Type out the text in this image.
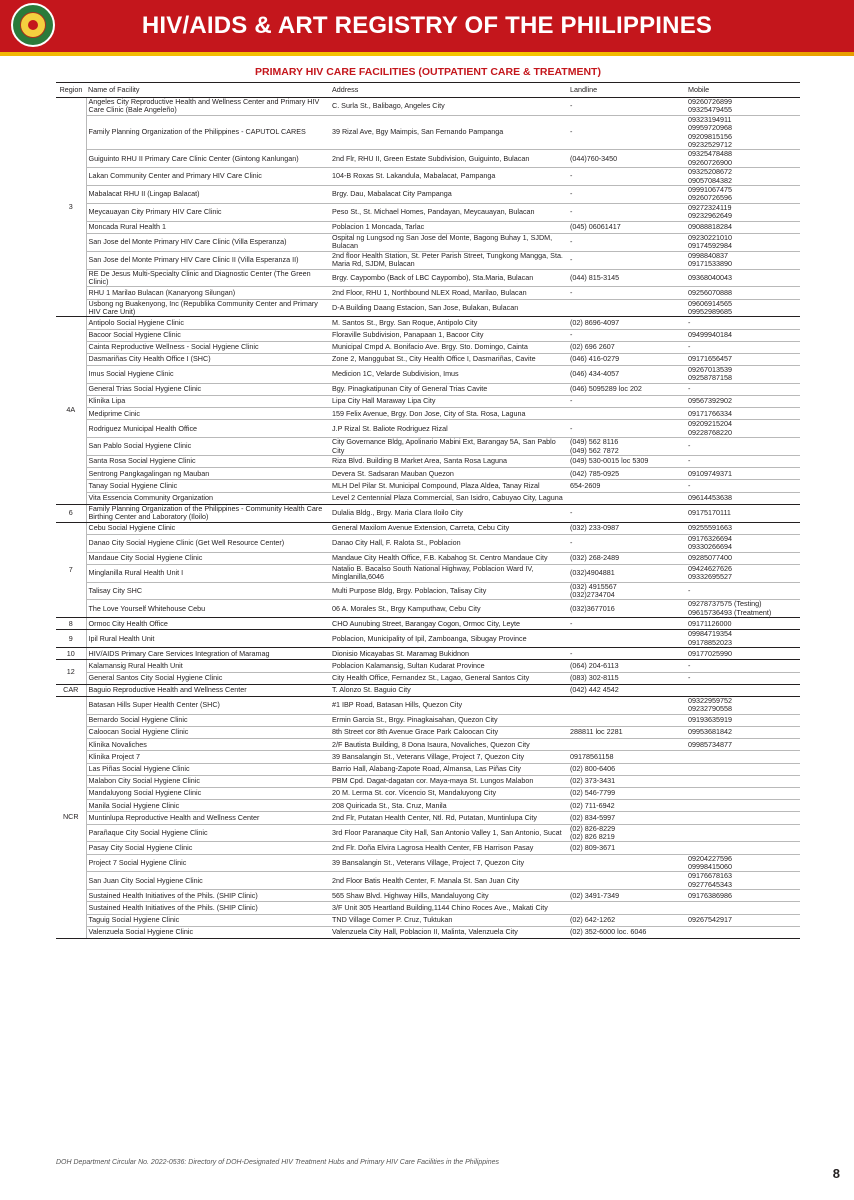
HIV/AIDS & ART REGISTRY OF THE PHILIPPINES
PRIMARY HIV CARE FACILITIES (OUTPATIENT CARE & TREATMENT)
Region	Name of Facility	Address	Landline	Mobile
3	Angeles City Reproductive Health and Wellness Center and Primary HIV Care Clinic (Bale Angeleño)	C. Surla St., Balibago, Angeles City	-	09260726899
09325479455

	Family Planning Organization of the Philippines - CAPUTOL CARES	39 Rizal Ave, Bgy Maimpis, San Fernando Pampanga	-	09323194911
09959720968
09209815156
09232529712

	Guiguinto RHU II Primary Care Clinic Center (Gintong Kanlungan)	2nd Flr, RHU II, Green Estate Subdivision, Guiguinto, Bulacan	(044)760-3450	09325478488
09260726900

	Lakan Community Center and Primary HIV Care Clinic	104-B Roxas St. Lakandula, Mabalacat, Pampanga	-	09325208672
09057084382

	Mabalacat RHU II (Lingap Balacat)	Brgy. Dau, Mabalacat City Pampanga	-	09991067475
09260726596

	Meycauayan City Primary HIV Care Clinic	Peso St., St. Michael Homes, Pandayan, Meycauayan, Bulacan	-	09272324119
09232962649

	Moncada Rural Health 1	Poblacion 1 Moncada, Tarlac	(045) 06061417	09088818284

	San Jose del Monte Primary HIV Care Clinic (Villa Esperanza)	Ospital ng Lungsod ng San Jose del Monte, Bagong Buhay 1, SJDM, Bulacan	-	09230221010
09174592984

	San Jose del Monte Primary HIV Care Clinic II (Villa Esperanza II)	2nd floor Health Station, St. Peter Parish Street, Tungkong Mangga, Sta. Maria Rd, SJDM, Bulacan	-	0998840837
09171533890

	RE De Jesus Multi-Specialty Clinic and Diagnostic Center (The Green Clinic)	Brgy. Caypombo (Back of LBC Caypombo), Sta.Maria, Bulacan	(044) 815-3145	09368040043

	RHU 1 Marilao Bulacan (Kanaryong Silungan)	2nd Floor, RHU 1, Northbound NLEX Road, Marilao, Bulacan	-	09256070888

	Usbong ng Buakenyong, Inc (Republika Community Center and Primary HIV Care Unit)	D-A Building Daang Estacion, San Jose, Bulakan, Bulacan		09606914565
09952989685

4A	Antipolo Social Hygiene Clinic	M. Santos St., Brgy. San Roque, Antipolo City	(02) 8696-4097	-

	Bacoor Social Hygiene Clinic	Floraville Subdivision, Panapaan 1, Bacoor City	-	09499940184

	Cainta Reproductive Wellness - Social Hygiene Clinic	Municipal Cmpd A. Bonifacio Ave. Brgy. Sto. Domingo, Cainta	(02) 696 2607	-

	Dasmariñas City Health Office I (SHC)	Zone 2, Manggubat St., City Health Office I, Dasmariñas, Cavite	(046) 416-0279	09171656457

	Imus Social Hygiene Clinic	Medicion 1C, Velarde Subdivision, Imus	(046) 434-4057	09267013539
09258787158

	General Trias Social Hygiene Clinic	Bgy. Pinagkatipunan City of General Trias Cavite	(046) 5095289 loc 202	-

	Klinika Lipa	Lipa City Hall Maraway Lipa City	-	09567392902

	Mediprime Cinic	159 Felix Avenue, Brgy. Don Jose, City of Sta. Rosa, Laguna		09171766334

	Rodriguez Municipal Health Office	J.P Rizal St. Baliote Rodriguez Rizal	-	09209215204
09228768220

	San Pablo Social Hygiene Clinic	City Governance Bldg, Apolinario Mabini Ext, Barangay 5A, San Pablo City	(049) 562 8116
(049) 562 7872	-

	Santa Rosa Social Hygiene Clinic	Riza Blvd. Building B Market Area, Santa Rosa Laguna	(049) 530-0015 loc 5309	-

	Sentrong Pangkagalingan ng Mauban	Devera St. Sadsaran Mauban Quezon	(042) 785-0925	09109749371

	Tanay Social Hygiene Clinic	MLH Del Pilar St. Municipal Compound, Plaza Aldea, Tanay Rizal	654-2609	-

	Vita Essencia Community Organization	Level 2 Centennial Plaza Commercial, San Isidro, Cabuyao City, Laguna		09614453638

6	Family Planning Organization of the Philippines - Community Health Care Birthing Center and Laboratory (Iloilo)	Dulalia Bldg., Brgy. Maria Clara Iloilo City	-	09175170111

7	Cebu Social Hygiene Clinic	General Maxilom Avenue Extension, Carreta, Cebu City	(032) 233-0987	09255591663

	Danao City Social Hygiene Clinic (Get Well Resource Center)	Danao City Hall, F. Ralota St., Poblacion	-	09176326694
09330266694

	Mandaue City Social Hygiene Clinic	Mandaue City Health Office, F.B. Kabahog St. Centro Mandaue City	(032) 268-2489	09285077400

	Minglanilla Rural Health Unit I	Natalio B. Bacalso South National Highway, Poblacion Ward IV, Minglanilla,6046	(032)4904881	09424627626
09332695527

	Talisay City SHC	Multi Purpose Bldg, Brgy. Poblacion, Talisay City	(032) 4915567
(032)2734704	-

	The Love Yourself Whitehouse Cebu	06 A. Morales St., Brgy Kamputhaw, Cebu City	(032)3677016	09278737575 (Testing)
09615736493 (Treatment)

8	Ormoc City Health Office	CHO Aunubing Street, Barangay Cogon, Ormoc City, Leyte	-	09171126000

9	Ipil Rural Health Unit	Poblacion, Municipality of Ipil, Zamboanga, Sibugay Province		09984719354
09178852023

10	HIV/AIDS Primary Care Services Integration of Maramag	Dionisio Micayabas St. Maramag Bukidnon	-	09177025990

12	Kalamansig Rural Health Unit	Poblacion Kalamansig, Sultan Kudarat Province	(064) 204-6113	-

	General Santos City Social Hygiene Clinic	City Health Office, Fernandez St., Lagao, General Santos City	(083) 302-8115	-

CAR	Baguio Reproductive Health and Wellness Center	T. Alonzo St. Baguio City	(042) 442 4542	

NCR	Batasan Hills Super Health Center (SHC)	#1 IBP Road, Batasan Hills, Quezon City		09322959752
09232790558

	Bernardo Social Hygiene Clinic	Ermin Garcia St., Brgy. Pinagkaisahan, Quezon City		09193635919

	Caloocan Social Hygiene Clinic	8th Street cor 8th Avenue Grace Park Caloocan City	288811 loc 2281	09953681842

	Klinika Novaliches	2/F Bautista Building, 8 Dona Isaura, Novaliches, Quezon City		09985734877

	Klinika Project 7	39 Bansalangin St., Veterans Village, Project 7, Quezon City	09178561158	

	Las Piñas Social Hygiene Clinic	Barrio Hall, Alabang-Zapote Road, Almansa, Las Piñas City	(02) 800-6406	

	Malabon City Social Hygiene Clinic	PBM Cpd. Dagat-dagatan cor. Maya-maya St. Lungos Malabon	(02) 373-3431	

	Mandaluyong Social Hygiene Clinic	20 M. Lerma St. cor. Vicencio St, Mandaluyong City	(02) 546-7799	

	Manila Social Hygiene Clinic	208 Quiricada St., Sta. Cruz, Manila	(02) 711-6942	

	Muntinlupa Reproductive Health and Wellness Center	2nd Flr, Putatan Health Center, Ntl. Rd, Putatan, Muntinlupa City	(02) 834-5997	

	Parañaque City Social Hygiene Clinic	3rd Floor Paranaque City Hall, San Antonio Valley 1, San Antonio, Sucat	(02) 826-8229
(02) 826 8219	

	Pasay City Social Hygiene Clinic	2nd Flr. Doña Elvira Lagrosa Health Center, FB Harrison Pasay	(02) 809-3671	

	Project 7 Social Hygiene Clinic	39 Bansalangin St., Veterans Village, Project 7, Quezon City		09204227596
09998415060

	San Juan City Social Hygiene Clinic	2nd Floor Batis Health Center, F. Manala St. San Juan City		09176678163
09277645343

	Sustained Health Initiatives of the Phils. (SHIP Clinic)	565 Shaw Blvd. Highway Hills, Mandaluyong City	(02) 3491-7349	09176386986

	Sustained Health Initiatives of the Phils. (SHIP Clinic)	3/F Unit 305 Heartland Building,1144 Chino Roces Ave., Makati City		

	Taguig Social Hygiene Clinic	TND Village Corner P. Cruz, Tuktukan	(02) 642-1262	09267542917

	Valenzuela Social Hygiene Clinic	Valenzuela City Hall, Poblacion II, Malinta, Valenzuela City	(02) 352-6000 loc. 6046	
DOH Department Circular No. 2022-0536: Directory of DOH-Designated HIV Treatment Hubs and Primary HIV Care Facilities in the Philippines
8
